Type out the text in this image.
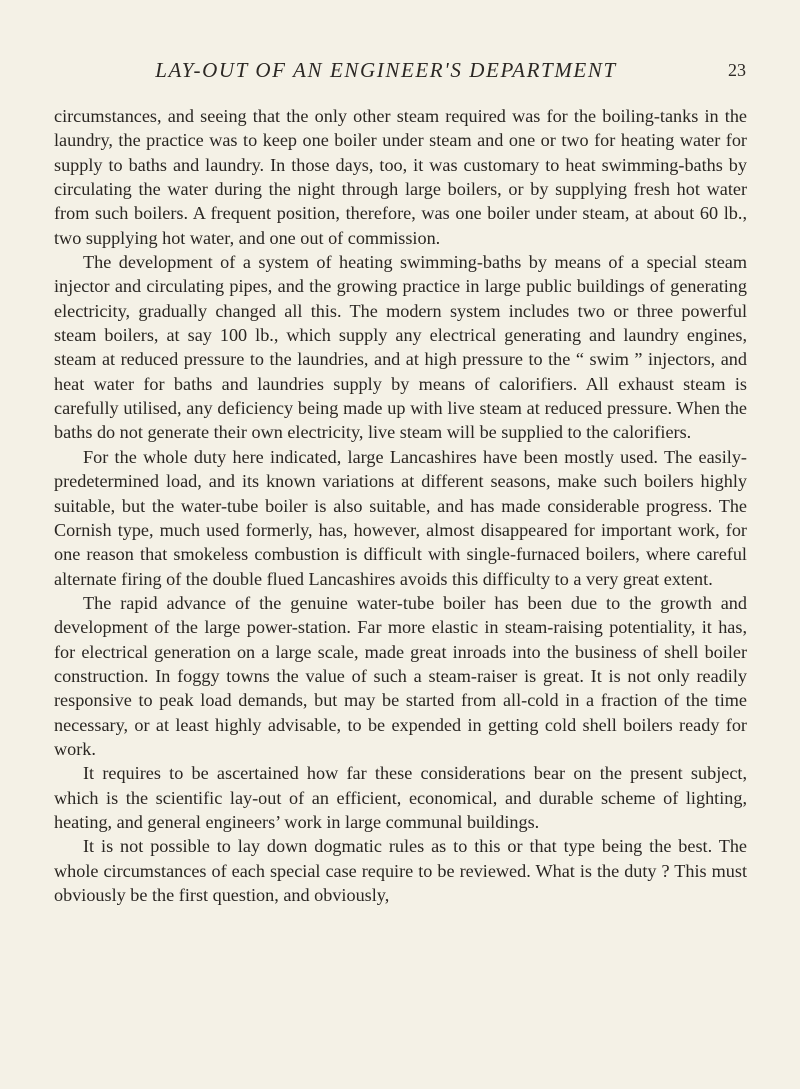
LAY-OUT OF AN ENGINEER'S DEPARTMENT	23

circumstances, and seeing that the only other steam required was for the boiling-tanks in the laundry, the practice was to keep one boiler under steam and one or two for heating water for supply to baths and laundry. In those days, too, it was customary to heat swimming-baths by circulating the water during the night through large boilers, or by supplying fresh hot water from such boilers. A frequent position, therefore, was one boiler under steam, at about 60 lb., two supplying hot water, and one out of commission.

The development of a system of heating swimming-baths by means of a special steam injector and circulating pipes, and the growing practice in large public buildings of generating electricity, gradually changed all this. The modern system includes two or three powerful steam boilers, at say 100 lb., which supply any electrical generating and laundry engines, steam at reduced pressure to the laundries, and at high pressure to the “ swim ” injectors, and heat water for baths and laundries supply by means of calorifiers. All exhaust steam is carefully utilised, any deficiency being made up with live steam at reduced pressure. When the baths do not generate their own electricity, live steam will be supplied to the calorifiers.

For the whole duty here indicated, large Lancashires have been mostly used. The easily-predetermined load, and its known variations at different seasons, make such boilers highly suitable, but the water-tube boiler is also suitable, and has made considerable progress. The Cornish type, much used formerly, has, however, almost disappeared for important work, for one reason that smokeless combustion is difficult with single-furnaced boilers, where careful alternate firing of the double flued Lancashires avoids this difficulty to a very great extent.

The rapid advance of the genuine water-tube boiler has been due to the growth and development of the large power-station. Far more elastic in steam-raising potentiality, it has, for electrical generation on a large scale, made great inroads into the business of shell boiler construction. In foggy towns the value of such a steam-raiser is great. It is not only readily responsive to peak load demands, but may be started from all-cold in a fraction of the time necessary, or at least highly advisable, to be expended in getting cold shell boilers ready for work.

It requires to be ascertained how far these considerations bear on the present subject, which is the scientific lay-out of an efficient, economical, and durable scheme of lighting, heating, and general engineers’ work in large communal buildings.

It is not possible to lay down dogmatic rules as to this or that type being the best. The whole circumstances of each special case require to be reviewed. What is the duty ? This must obviously be the first question, and obviously,
